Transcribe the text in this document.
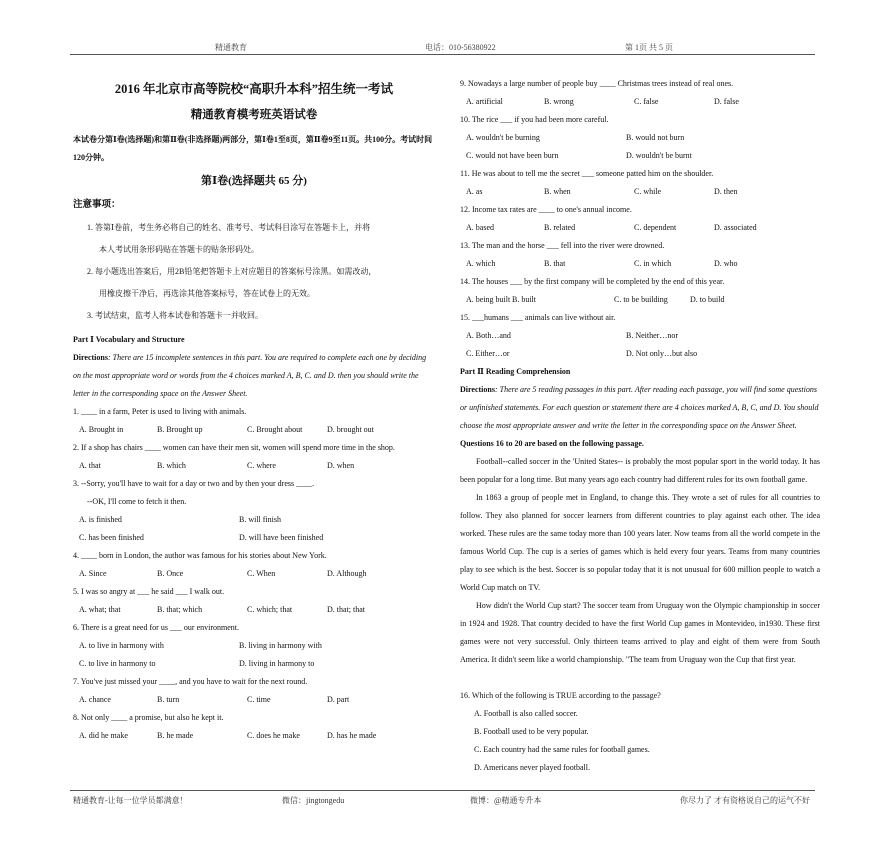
精通教育	电话：010-56380922	第 1页 共 5 页
2016 年北京市高等院校“高职升本科”招生统一考试
精通教育模考班英语试卷
本试卷分第Ⅰ卷(选择题)和第Ⅱ卷(非选择题)两部分，第Ⅰ卷1至8页，第Ⅱ卷9至11页。共100分。考试时间120分钟。
第Ⅰ卷(选择题共 65 分)
注意事项：
1. 答第Ⅰ卷前，考生务必将自己的姓名、准考号、考试科目涂写在答题卡上，并将
本人考试用条形码贴在答题卡的贴条形码处。
2. 每小题选出答案后，用2B铅笔把答题卡上对应题目的答案标号涂黑。如需改动，
用橡皮擦干净后，再选涂其他答案标号，答在试卷上的无效。
3. 考试结束，监考人将本试卷和答题卡一并收回。
Part Ⅰ Vocabulary and Structure
Directions: There are 15 incomplete sentences in this part. You are required to complete each one by deciding on the most appropriate word or words from the 4 choices marked A, B, C. and D. then you should write the letter in the corresponding space on the Answer Sheet.
1. ____ in a farm, Peter is used to living with animals.
A. Brought in	B. Brought up	C. Brought about	D. brought out
2. If a shop has chairs ____ women can have their men sit, women will spend more time in the shop.
A. that	B. which	C. where	D. when
3. --Sorry, you'll have to wait for a day or two and by then your dress ____.
--OK, I'll come to fetch it then.
A. is finished	B. will finish
C. has been finished	D. will have been finished
4. ____ born in London, the author was famous for his stories about New York.
A. Since	B. Once	C. When	D. Although
5. I was so angry at ___ he said ___ I walk out.
A. what; that	B. that; which	C. which; that	D. that; that
6. There is a great need for us ___ our environment.
A. to live in harmony with	B. living in harmony with
C. to live in harmony to	D. living in harmony to
7. You've just missed your ____, and you have to wait for the next round.
A. chance	B. turn	C. time	D. part
8. Not only ____ a promise, but also he kept it.
A. did he make	B. he made	C. does he make	D. has he made
9. Nowadays a large number of people buy ____ Christmas trees instead of real ones.
A. artificial	B. wrong	C. false	D. false
10. The rice ___ if you had been more careful.
A. wouldn't be burning	B. would not burn
C. would not have been burn	D. wouldn't be burnt
11. He was about to tell me the secret ___ someone patted him on the shoulder.
A. as	B. when	C. while	D. then
12. Income tax rates are ____ to one's annual income.
A. based	B. related	C. dependent	D. associated
13. The man and the horse ___ fell into the river were drowned.
A. which	B. that	C. in which	D. who
14. The houses ___ by the first company will be completed by the end of this year.
A. being built B. built	C. to be building	D. to build
15. ___humans ___ animals can live without air.
A. Both…and	B. Neither…nor
C. Either…or	D. Not only…but also
Part Ⅱ Reading Comprehension
Directions: There are 5 reading passages in this part. After reading each passage, you will find some questions or unfinished statements. For each question or statement there are 4 choices marked A, B, C, and D. You should choose the most appropriate answer and write the letter in the corresponding space on the Answer Sheet.
Questions 16 to 20 are based on the following passage.
Football--called soccer in the 'United States-- is probably the most popular sport in the world today. It has been popular for a long time. But many years ago each country had different rules for its own football game.
In 1863 a group of people met in England, to change this. They wrote a set of rules for all countries to follow. They also planned for soccer learners from different countries to play against each other. The idea worked. These rules are the same today more than 100 years later. Now teams from all the world compete in the famous World Cup. The cup is a series of games which is held every four years. Teams from many countries play to see which is the best. Soccer is so popular today that it is not unusual for 600 million people to watch a World Cup match on TV.
How didn't the World Cup start? The soccer team from Uruguay won the Olympic championship in soccer in 1924 and 1928. That country decided to have the first World Cup games in Montevideo, in1930. These first games were not very successful. Only thirteen teams arrived to play and eight of them were from South America. It didn't seem like a world championship. "The team from Uruguay won the Cup that first year.
16. Which of the following is TRUE according to the passage?
A. Football is also called soccer.
B. Football used to be very popular.
C. Each country had the same rules for football games.
D. Americans never played football.
精通教育-让每一位学员都满意！	微信：jingtongedu	微博：@精通专升本	你尽力了 才有资格说自己的运气不好
